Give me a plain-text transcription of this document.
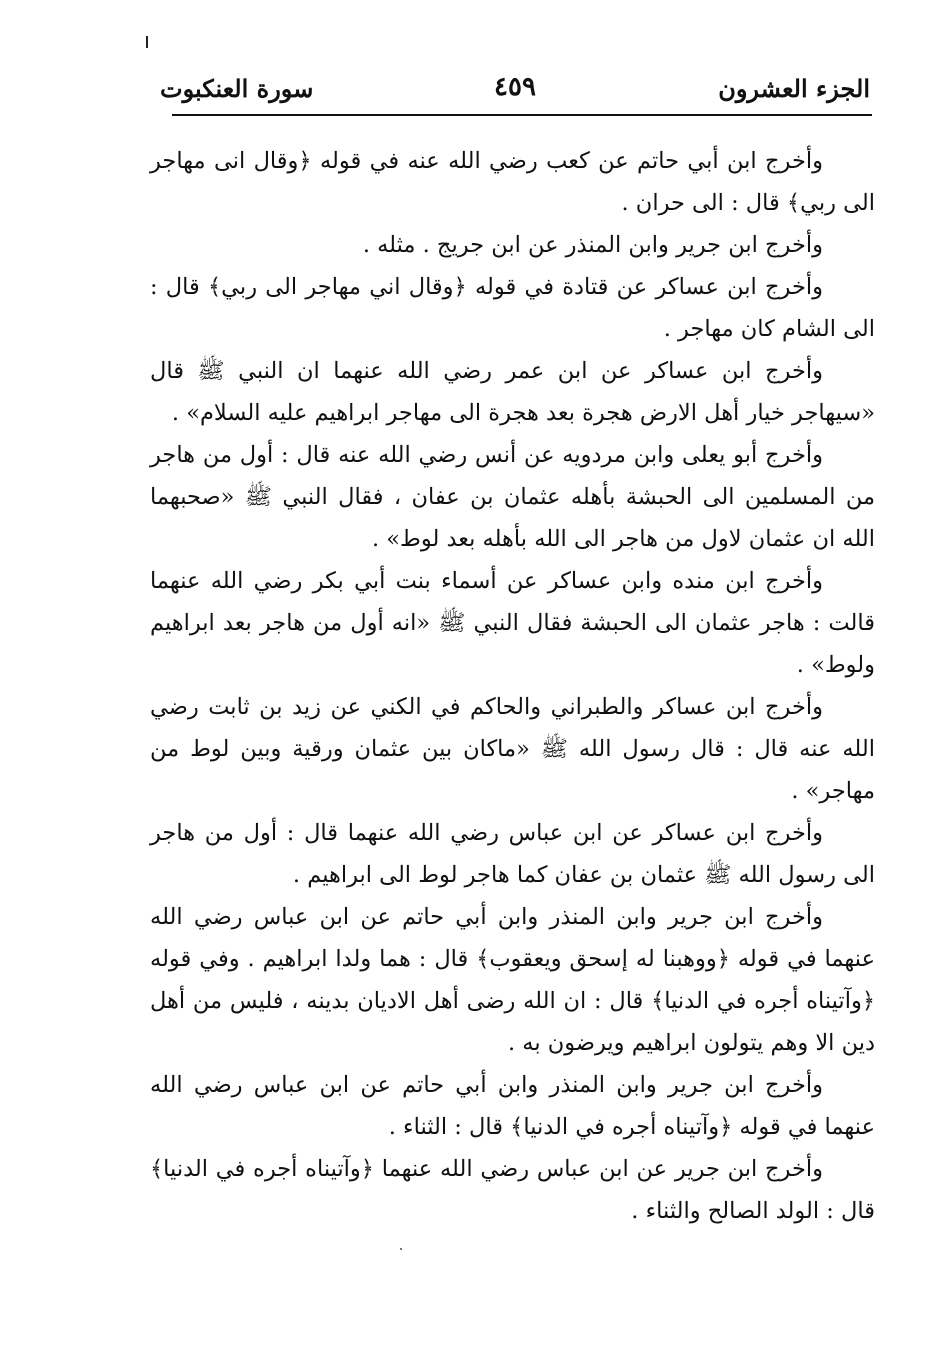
الجزء العشرون
٤٥٩
سورة العنكبوت

وأخرج ابن أبي حاتم عن كعب رضي الله عنه في قوله ﴿وقال انى مهاجر الى ربي﴾ قال : الى حران .

وأخرج ابن جرير وابن المنذر عن ابن جريج . مثله .

وأخرج ابن عساكر عن قتادة في قوله ﴿وقال اني مهاجر الى ربي﴾ قال : الى الشام كان مهاجر .

وأخرج ابن عساكر عن ابن عمر رضي الله عنهما ان النبي ﷺ قال «سيهاجر خيار أهل الارض هجرة بعد هجرة الى مهاجر ابراهيم عليه السلام» .

وأخرج أبو يعلى وابن مردويه عن أنس رضي الله عنه قال : أول من هاجر من المسلمين الى الحبشة بأهله عثمان بن عفان ، فقال النبي ﷺ «صحبهما الله ان عثمان لاول من هاجر الى الله بأهله بعد لوط» .

وأخرج ابن منده وابن عساكر عن أسماء بنت أبي بكر رضي الله عنهما قالت : هاجر عثمان الى الحبشة فقال النبي ﷺ «انه أول من هاجر بعد ابراهيم ولوط» .

وأخرج ابن عساكر والطبراني والحاكم في الكني عن زيد بن ثابت رضي الله عنه قال : قال رسول الله ﷺ «ماكان بين عثمان ورقية وبين لوط من مهاجر» .

وأخرج ابن عساكر عن ابن عباس رضي الله عنهما قال : أول من هاجر الى رسول الله ﷺ عثمان بن عفان كما هاجر لوط الى ابراهيم .

وأخرج ابن جرير وابن المنذر وابن أبي حاتم عن ابن عباس رضي الله عنهما في قوله ﴿ووهبنا له إسحق ويعقوب﴾ قال : هما ولدا ابراهيم . وفي قوله ﴿وآتيناه أجره في الدنيا﴾ قال : ان الله رضى أهل الاديان بدينه ، فليس من أهل دين الا وهم يتولون ابراهيم ويرضون به .

وأخرج ابن جرير وابن المنذر وابن أبي حاتم عن ابن عباس رضي الله عنهما في قوله ﴿وآتيناه أجره في الدنيا﴾ قال : الثناء .

وأخرج ابن جرير عن ابن عباس رضي الله عنهما ﴿وآتيناه أجره في الدنيا﴾ قال : الولد الصالح والثناء .
